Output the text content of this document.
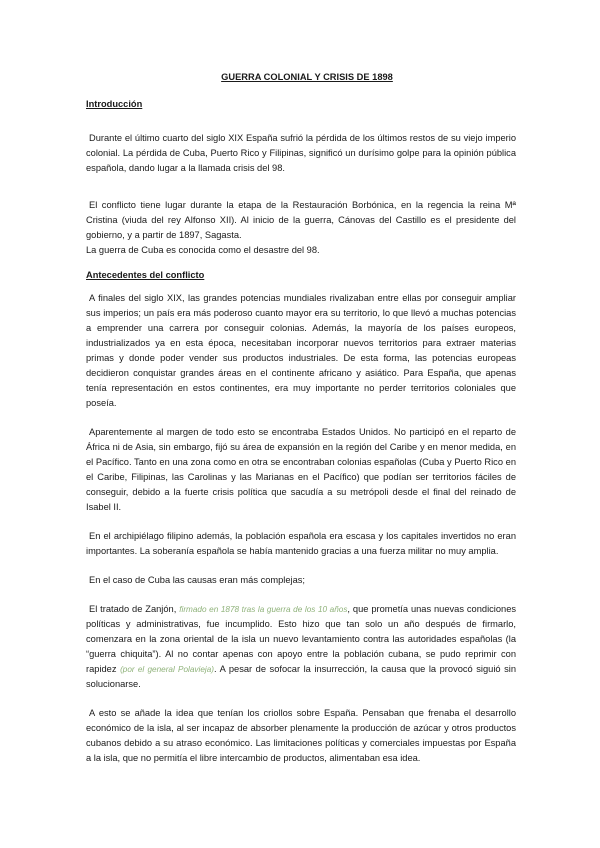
GUERRA COLONIAL Y CRISIS DE 1898
Introducción

Durante el último cuarto del siglo XIX España sufrió la pérdida de los últimos restos de su viejo imperio colonial. La pérdida de Cuba, Puerto Rico y Filipinas, significó un durísimo golpe para la opinión pública española, dando lugar a la llamada crisis del 98.

El conflicto tiene lugar durante la etapa de la Restauración Borbónica, en la regencia la reina Mª Cristina (viuda del rey Alfonso XII). Al inicio de la guerra, Cánovas del Castillo es el presidente del gobierno, y a partir de 1897, Sagasta.

La guerra de Cuba es conocida como el desastre del 98.

Antecedentes del conflicto

A finales del siglo XIX, las grandes potencias mundiales rivalizaban entre ellas por conseguir ampliar sus imperios; un país era más poderoso cuanto mayor era su territorio, lo que llevó a muchas potencias a emprender una carrera por conseguir colonias. Además, la mayoría de los países europeos, industrializados ya en esta época, necesitaban incorporar nuevos territorios para extraer materias primas y donde poder vender sus productos industriales. De esta forma, las potencias europeas decidieron conquistar grandes áreas en el continente africano y asiático. Para España, que apenas tenía representación en estos continentes, era muy importante no perder territorios coloniales que poseía.

Aparentemente al margen de todo esto se encontraba Estados Unidos. No participó en el reparto de África ni de Asia, sin embargo, fijó su área de expansión en la región del Caribe y en menor medida, en el Pacífico. Tanto en una zona como en otra se encontraban colonias españolas (Cuba y Puerto Rico en el Caribe, Filipinas, las Carolinas y las Marianas en el Pacífico) que podían ser territorios fáciles de conseguir, debido a la fuerte crisis política que sacudía a su metrópoli desde el final del reinado de Isabel II.

En el archipiélago filipino además, la población española era escasa y los capitales invertidos no eran importantes. La soberanía española se había mantenido gracias a una fuerza militar no muy amplia.

En el caso de Cuba las causas eran más complejas;

El tratado de Zanjón, firmado en 1878 tras la guerra de los 10 años, que prometía unas nuevas condiciones políticas y administrativas, fue incumplido. Esto hizo que tan solo un año después de firmarlo, comenzara en la zona oriental de la isla un nuevo levantamiento contra las autoridades españolas (la “guerra chiquita”). Al no contar apenas con apoyo entre la población cubana, se pudo reprimir con rapidez (por el general Polavieja). A pesar de sofocar la insurrección, la causa que la provocó siguió sin solucionarse.

A esto se añade la idea que tenían los criollos sobre España. Pensaban que frenaba el desarrollo económico de la isla, al ser incapaz de absorber plenamente la producción de azúcar y otros productos cubanos debido a su atraso económico. Las limitaciones políticas y comerciales impuestas por España a la isla, que no permitía el libre intercambio de productos, alimentaban esa idea.
